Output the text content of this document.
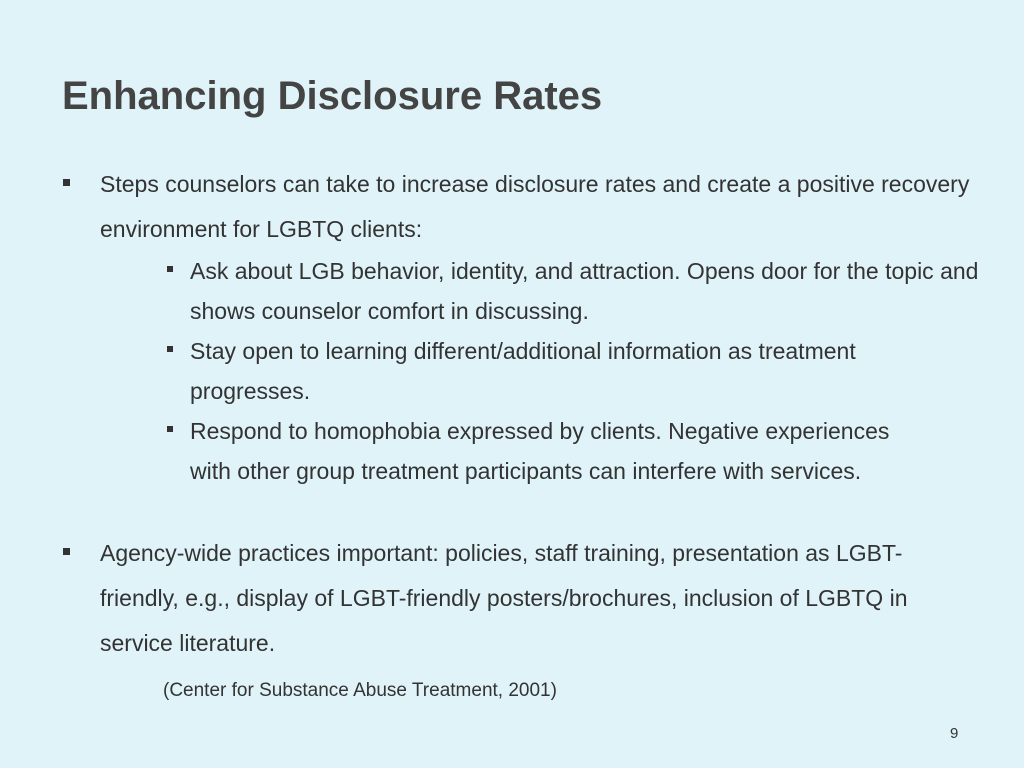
Enhancing Disclosure Rates
Steps counselors can take to increase disclosure rates and create a positive recovery environment for LGBTQ clients:

Ask about LGB behavior, identity, and attraction. Opens door for the topic and shows counselor comfort in discussing.

Stay open to learning different/additional information as treatment progresses.

Respond to homophobia expressed by clients. Negative experiences with other group treatment participants can interfere with services.

Agency-wide practices important: policies, staff training, presentation as LGBT-friendly, e.g., display of LGBT-friendly posters/brochures, inclusion of LGBTQ in service literature.
(Center for Substance Abuse Treatment, 2001)
9
